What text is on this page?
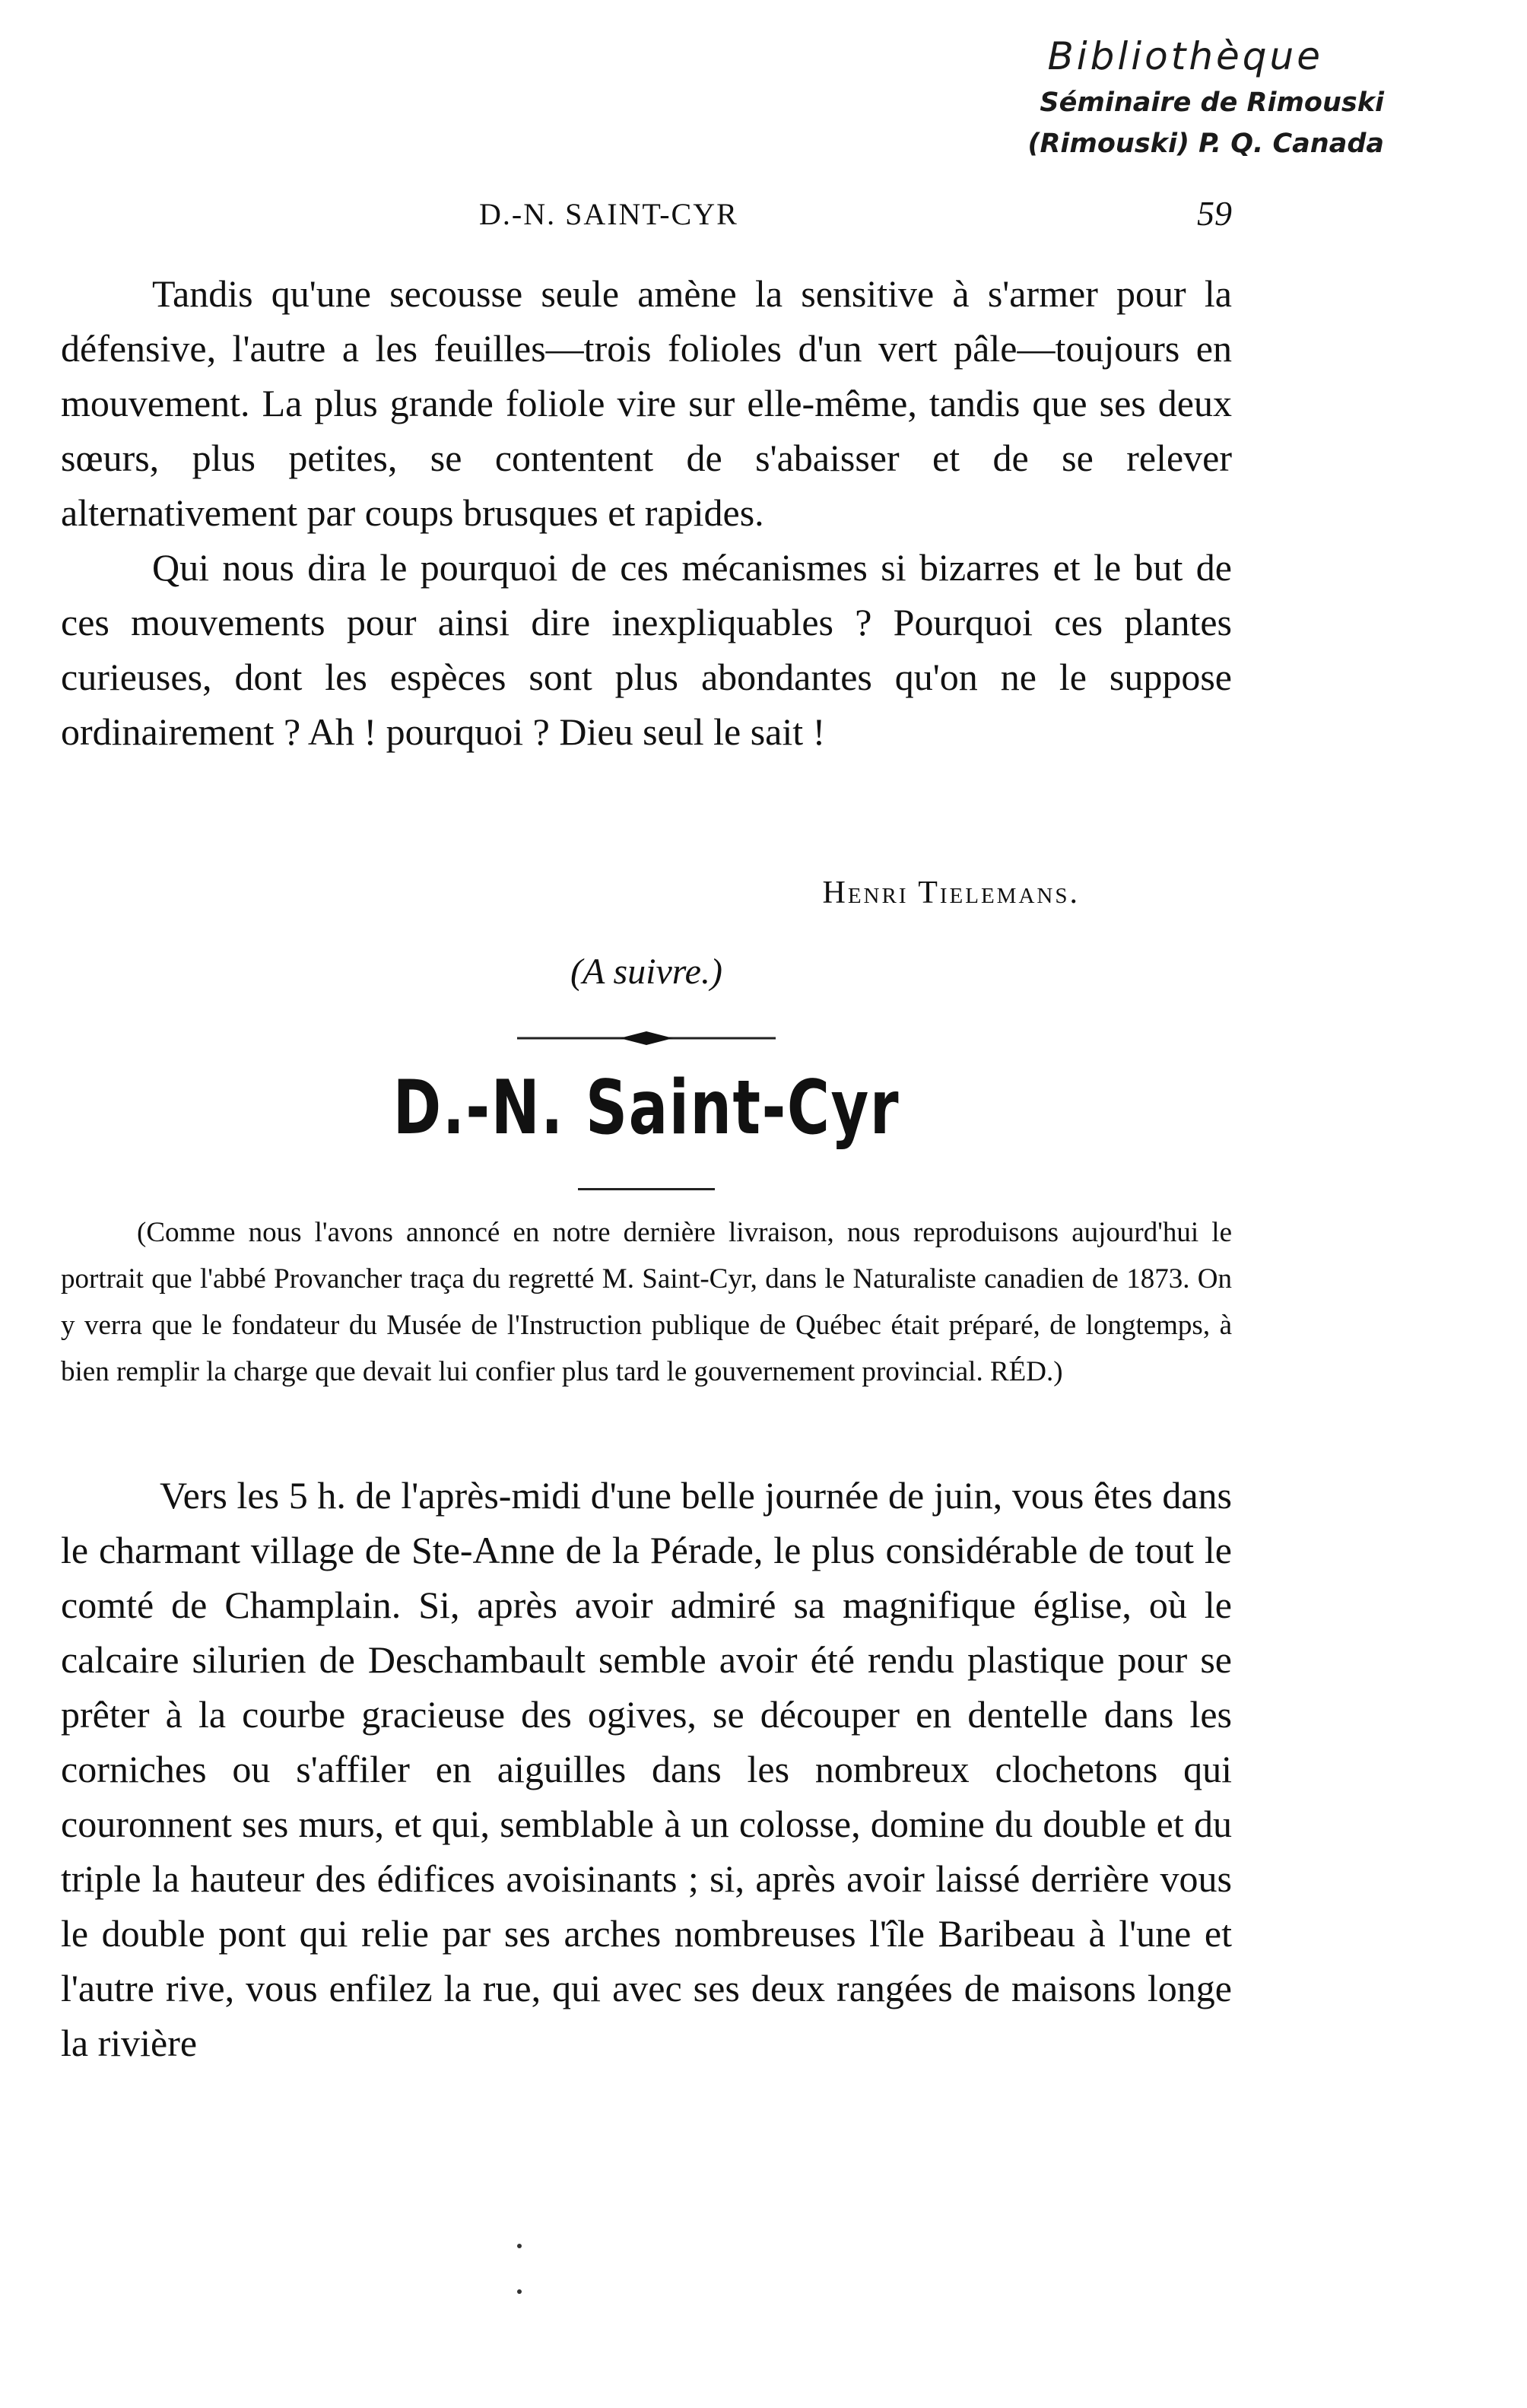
Bibliothèque
Séminaire de Rimouski
(Rimouski) P. Q. Canada
D.-N. SAINT-CYR	59

Tandis qu'une secousse seule amène la sensitive à s'armer pour la défensive, l'autre a les feuilles—trois folioles d'un vert pâle—toujours en mouvement. La plus grande foliole vire sur elle-même, tandis que ses deux sœurs, plus petites, se contentent de s'abaisser et de se relever alternativement par coups brusques et rapides.

Qui nous dira le pourquoi de ces mécanismes si bizarres et le but de ces mouvements pour ainsi dire inexpliquables ? Pourquoi ces plantes curieuses, dont les espèces sont plus abondantes qu'on ne le suppose ordinairement ? Ah ! pourquoi ? Dieu seul le sait !

Henri Tielemans.
(A suivre.)
D.-N. Saint-Cyr

(Comme nous l'avons annoncé en notre dernière livraison, nous reproduisons aujourd'hui le portrait que l'abbé Provancher traça du regretté M. Saint-Cyr, dans le Naturaliste canadien de 1873. On y verra que le fondateur du Musée de l'Instruction publique de Québec était préparé, de longtemps, à bien remplir la charge que devait lui confier plus tard le gouvernement provincial. RÉD.)

Vers les 5 h. de l'après-midi d'une belle journée de juin, vous êtes dans le charmant village de Ste-Anne de la Pérade, le plus considérable de tout le comté de Champlain. Si, après avoir admiré sa magnifique église, où le calcaire silurien de Deschambault semble avoir été rendu plastique pour se prêter à la courbe gracieuse des ogives, se découper en dentelle dans les corniches ou s'affiler en aiguilles dans les nombreux clochetons qui couronnent ses murs, et qui, semblable à un colosse, domine du double et du triple la hauteur des édifices avoisinants ; si, après avoir laissé derrière vous le double pont qui relie par ses arches nombreuses l'île Baribeau à l'une et l'autre rive, vous enfilez la rue, qui avec ses deux rangées de maisons longe la rivière
